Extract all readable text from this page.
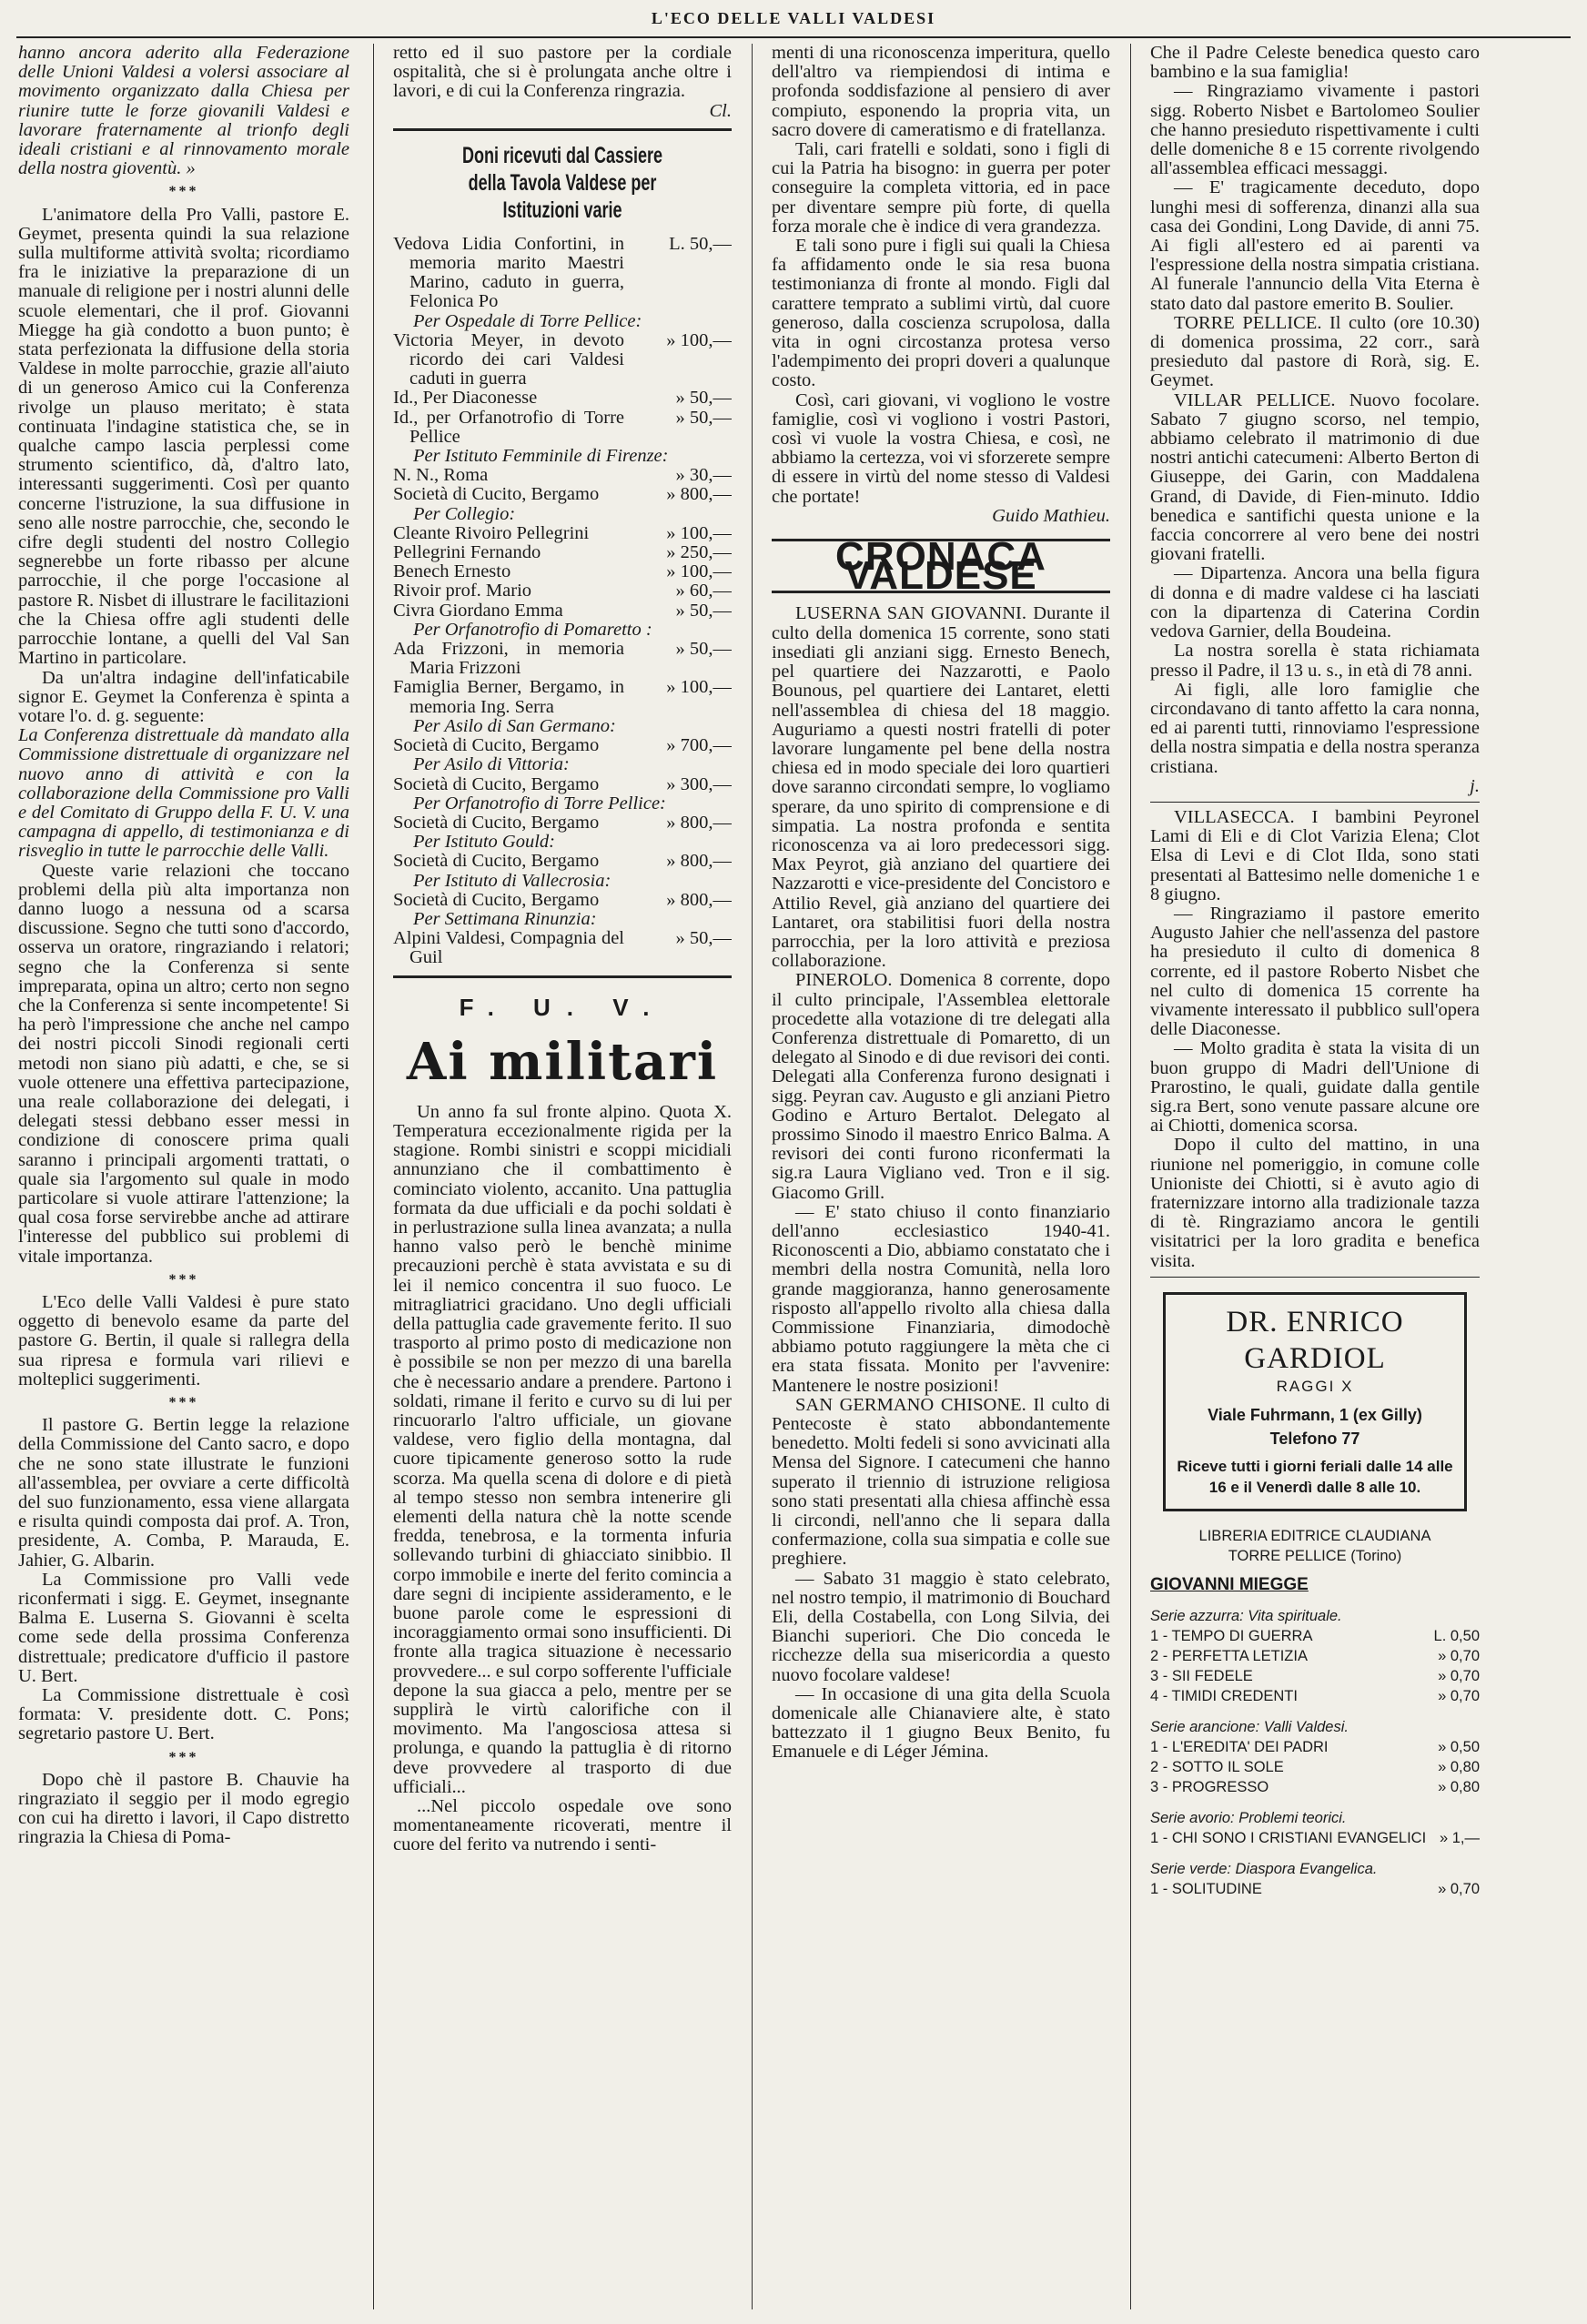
L'ECO DELLE VALLI VALDESI

hanno ancora aderito alla Federazione delle Unioni Valdesi a volersi associare al movimento organizzato dalla Chiesa per riunire tutte le forze giovanili Valdesi e lavorare fraternamente al trionfo degli ideali cristiani e al rinnovamento morale della nostra gioventù. »

***

L'animatore della Pro Valli, pastore E. Geymet, presenta quindi la sua relazione sulla multiforme attività svolta; ricordiamo fra le iniziative la preparazione di un manuale di religione per i nostri alunni delle scuole elementari, che il prof. Giovanni Miegge ha già condotto a buon punto; è stata perfezionata la diffusione della storia Valdese in molte parrocchie, grazie all'aiuto di un generoso Amico cui la Conferenza rivolge un plauso meritato; è stata continuata l'indagine statistica che, se in qualche campo lascia perplessi come strumento scientifico, dà, d'altro lato, interessanti suggerimenti. Così per quanto concerne l'istruzione, la sua diffusione in seno alle nostre parrocchie, che, secondo le cifre degli studenti del nostro Collegio segnerebbe un forte ribasso per alcune parrocchie, il che porge l'occasione al pastore R. Nisbet di illustrare le facilitazioni che la Chiesa offre agli studenti delle parrocchie lontane, a quelli del Val San Martino in particolare.

Da un'altra indagine dell'infaticabile signor E. Geymet la Conferenza è spinta a votare l'o. d. g. seguente:

La Conferenza distrettuale dà mandato alla Commissione distrettuale di organizzare nel nuovo anno di attività e con la collaborazione della Commissione pro Valli e del Comitato di Gruppo della F. U. V. una campagna di appello, di testimonianza e di risveglio in tutte le parrocchie delle Valli.

Queste varie relazioni che toccano problemi della più alta importanza non danno luogo a nessuna od a scarsa discussione. Segno che tutti sono d'accordo, osserva un oratore, ringraziando i relatori; segno che la Conferenza si sente impreparata, opina un altro; certo non segno che la Conferenza si sente incompetente! Si ha però l'impressione che anche nel campo dei nostri piccoli Sinodi regionali certi metodi non siano più adatti, e che, se si vuole ottenere una effettiva partecipazione, una reale collaborazione dei delegati, i delegati stessi debbano esser messi in condizione di conoscere prima quali saranno i principali argomenti trattati, o quale sia l'argomento sul quale in modo particolare si vuole attirare l'attenzione; la qual cosa forse servirebbe anche ad attirare l'interesse del pubblico sui problemi di vitale importanza.

***

L'Eco delle Valli Valdesi è pure stato oggetto di benevolo esame da parte del pastore G. Bertin, il quale si rallegra della sua ripresa e formula vari rilievi e molteplici suggerimenti.

***

Il pastore G. Bertin legge la relazione della Commissione del Canto sacro, e dopo che ne sono state illustrate le funzioni all'assemblea, per ovviare a certe difficoltà del suo funzionamento, essa viene allargata e risulta quindi composta dai prof. A. Tron, presidente, A. Comba, P. Marauda, E. Jahier, G. Albarin.

La Commissione pro Valli vede riconfermati i sigg. E. Geymet, insegnante Balma E. Luserna S. Giovanni è scelta come sede della prossima Conferenza distrettuale; predicatore d'ufficio il pastore U. Bert.

La Commissione distrettuale è così formata: V. presidente dott. C. Pons; segretario pastore U. Bert.

***

Dopo chè il pastore B. Chauvie ha ringraziato il seggio per il modo egregio con cui ha diretto i lavori, il Capo distretto ringrazia la Chiesa di Poma-

retto ed il suo pastore per la cordiale ospitalità, che si è prolungata anche oltre i lavori, e di cui la Conferenza ringrazia.

Cl.
Doni ricevuti dal Cassiere
della Tavola Valdese per Istituzioni varie
Vedova Lidia Confortini, in memoria marito Maestri Marino, caduto in guerra, Felonica Po
L. 50,—
Per Ospedale di Torre Pellice:
Victoria Meyer, in devoto ricordo dei cari Valdesi caduti in guerra
» 100,—
Id., Per Diaconesse	» 50,—
Id., per Orfanotrofio di Torre Pellice
» 50,—
Per Istituto Femminile di Firenze:
N. N., Roma	» 30,—
Società di Cucito, Bergamo	» 800,—
Per Collegio:
Cleante Rivoiro Pellegrini	» 100,—
Pellegrini Fernando	» 250,—
Benech Ernesto	» 100,—
Rivoir prof. Mario	» 60,—
Civra Giordano Emma	» 50,—
Per Orfanotrofio di Pomaretto :
Ada Frizzoni, in memoria Maria Frizzoni
» 50,—
Famiglia Berner, Bergamo, in memoria Ing. Serra
» 100,—
Per Asilo di San Germano:
Società di Cucito, Bergamo	» 700,—
Per Asilo di Vittoria:
Società di Cucito, Bergamo	» 300,—
Per Orfanotrofio di Torre Pellice:
Società di Cucito, Bergamo	» 800,—
Per Istituto Gould:
Società di Cucito, Bergamo	» 800,—
Per Istituto di Vallecrosia:
Società di Cucito, Bergamo	» 800,—
Per Settimana Rinunzia:
Alpini Valdesi, Compagnia del Guil
» 50,—
F. U. V.
Ai militari

Un anno fa sul fronte alpino. Quota X. Temperatura eccezionalmente rigida per la stagione. Rombi sinistri e scoppi micidiali annunziano che il combattimento è cominciato violento, accanito. Una pattuglia formata da due ufficiali e da pochi soldati è in perlustrazione sulla linea avanzata; a nulla hanno valso però le benchè minime precauzioni perchè è stata avvistata e su di lei il nemico concentra il suo fuoco. Le mitragliatrici gracidano. Uno degli ufficiali della pattuglia cade gravemente ferito. Il suo trasporto al primo posto di medicazione non è possibile se non per mezzo di una barella che è necessario andare a prendere. Partono i soldati, rimane il ferito e curvo su di lui per rincuorarlo l'altro ufficiale, un giovane valdese, vero figlio della montagna, dal cuore tipicamente generoso sotto la rude scorza. Ma quella scena di dolore e di pietà al tempo stesso non sembra intenerire gli elementi della natura chè la notte scende fredda, tenebrosa, e la tormenta infuria sollevando turbini di ghiacciato sinibbio. Il corpo immobile e inerte del ferito comincia a dare segni di incipiente assideramento, e le buone parole come le espressioni di incoraggiamento ormai sono insufficienti. Di fronte alla tragica situazione è necessario provvedere... e sul corpo sofferente l'ufficiale depone la sua giacca a pelo, mentre per se supplirà le virtù calorifiche con il movimento. Ma l'angosciosa attesa si prolunga, e quando la pattuglia è di ritorno deve provvedere al trasporto di due ufficiali...

...Nel piccolo ospedale ove sono momentaneamente ricoverati, mentre il cuore del ferito va nutrendo i senti-

menti di una riconoscenza imperitura, quello dell'altro va riempiendosi di intima e profonda soddisfazione al pensiero di aver compiuto, esponendo la propria vita, un sacro dovere di cameratismo e di fratellanza.

Tali, cari fratelli e soldati, sono i figli di cui la Patria ha bisogno: in guerra per poter conseguire la completa vittoria, ed in pace per diventare sempre più forte, di quella forza morale che è indice di vera grandezza.

E tali sono pure i figli sui quali la Chiesa fa affidamento onde le sia resa buona testimonianza di fronte al mondo. Figli dal carattere temprato a sublimi virtù, dal cuore generoso, dalla coscienza scrupolosa, dalla vita in ogni circostanza protesa verso l'adempimento dei propri doveri a qualunque costo.

Così, cari giovani, vi vogliono le vostre famiglie, così vi vogliono i vostri Pastori, così vi vuole la vostra Chiesa, e così, ne abbiamo la certezza, voi vi sforzerete sempre di essere in virtù del nome stesso di Valdesi che portate!

Guido Mathieu.
CRONACA VALDESE

LUSERNA SAN GIOVANNI. Durante il culto della domenica 15 corrente, sono stati insediati gli anziani sigg. Ernesto Benech, pel quartiere dei Nazzarotti, e Paolo Bounous, pel quartiere dei Lantaret, eletti nell'assemblea di chiesa del 18 maggio. Auguriamo a questi nostri fratelli di poter lavorare lungamente pel bene della nostra chiesa ed in modo speciale dei loro quartieri dove saranno circondati sempre, lo vogliamo sperare, da uno spirito di comprensione e di simpatia. La nostra profonda e sentita riconoscenza va ai loro predecessori sigg. Max Peyrot, già anziano del quartiere dei Nazzarotti e vice-presidente del Concistoro e Attilio Revel, già anziano del quartiere dei Lantaret, ora stabilitisi fuori della nostra parrocchia, per la loro attività e preziosa collaborazione.

PINEROLO. Domenica 8 corrente, dopo il culto principale, l'Assemblea elettorale procedette alla votazione di tre delegati alla Conferenza distrettuale di Pomaretto, di un delegato al Sinodo e di due revisori dei conti. Delegati alla Conferenza furono designati i sigg. Peyran cav. Augusto e gli anziani Pietro Godino e Arturo Bertalot. Delegato al prossimo Sinodo il maestro Enrico Balma. A revisori dei conti furono riconfermati la sig.ra Laura Vigliano ved. Tron e il sig. Giacomo Grill.

— E' stato chiuso il conto finanziario dell'anno ecclesiastico 1940-41. Riconoscenti a Dio, abbiamo constatato che i membri della nostra Comunità, nella loro grande maggioranza, hanno generosamente risposto all'appello rivolto alla chiesa dalla Commissione Finanziaria, dimodochè abbiamo potuto raggiungere la mèta che ci era stata fissata. Monito per l'avvenire: Mantenere le nostre posizioni!

SAN GERMANO CHISONE. Il culto di Pentecoste è stato abbondantemente benedetto. Molti fedeli si sono avvicinati alla Mensa del Signore. I catecumeni che hanno superato il triennio di istruzione religiosa sono stati presentati alla chiesa affinchè essa li circondi, nell'anno che li separa dalla confermazione, colla sua simpatia e colle sue preghiere.

— Sabato 31 maggio è stato celebrato, nel nostro tempio, il matrimonio di Bouchard Eli, della Costabella, con Long Silvia, dei Bianchi superiori. Che Dio conceda le ricchezze della sua misericordia a questo nuovo focolare valdese!

— In occasione di una gita della Scuola domenicale alle Chianaviere alte, è stato battezzato il 1 giugno Beux Benito, fu Emanuele e di Léger Jémina.

Che il Padre Celeste benedica questo caro bambino e la sua famiglia!

— Ringraziamo vivamente i pastori sigg. Roberto Nisbet e Bartolomeo Soulier che hanno presieduto rispettivamente i culti delle domeniche 8 e 15 corrente rivolgendo all'assemblea efficaci messaggi.

— E' tragicamente deceduto, dopo lunghi mesi di sofferenza, dinanzi alla sua casa dei Gondini, Long Davide, di anni 75. Ai figli all'estero ed ai parenti va l'espressione della nostra simpatia cristiana. Al funerale l'annuncio della Vita Eterna è stato dato dal pastore emerito B. Soulier.

TORRE PELLICE. Il culto (ore 10.30) di domenica prossima, 22 corr., sarà presieduto dal pastore di Rorà, sig. E. Geymet.

VILLAR PELLICE. Nuovo focolare. Sabato 7 giugno scorso, nel tempio, abbiamo celebrato il matrimonio di due nostri antichi catecumeni: Alberto Berton di Giuseppe, dei Garin, con Maddalena Grand, di Davide, di Fien-minuto. Iddio benedica e santifichi questa unione e la faccia concorrere al vero bene dei nostri giovani fratelli.

— Dipartenza. Ancora una bella figura di donna e di madre valdese ci ha lasciati con la dipartenza di Caterina Cordin vedova Garnier, della Boudeina.

La nostra sorella è stata richiamata presso il Padre, il 13 u. s., in età di 78 anni.

Ai figli, alle loro famiglie che circondavano di tanto affetto la cara nonna, ed ai parenti tutti, rinnoviamo l'espressione della nostra simpatia e della nostra speranza cristiana.

j.

VILLASECCA. I bambini Peyronel Lami di Eli e di Clot Varizia Elena; Clot Elsa di Levi e di Clot Ilda, sono stati presentati al Battesimo nelle domeniche 1 e 8 giugno.

— Ringraziamo il pastore emerito Augusto Jahier che nell'assenza del pastore ha presieduto il culto di domenica 8 corrente, ed il pastore Roberto Nisbet che nel culto di domenica 15 corrente ha vivamente interessato il pubblico sull'opera delle Diaconesse.

— Molto gradita è stata la visita di un buon gruppo di Madri dell'Unione di Prarostino, le quali, guidate dalla gentile sig.ra Bert, sono venute passare alcune ore ai Chiotti, domenica scorsa.

Dopo il culto del mattino, in una riunione nel pomeriggio, in comune colle Unioniste dei Chiotti, si è avuto agio di fraternizzare intorno alla tradizionale tazza di tè. Ringraziamo ancora le gentili visitatrici per la loro gradita e benefica visita.

DR. ENRICO GARDIOL
RAGGI X
Viale Fuhrmann, 1 (ex Gilly)
Telefono 77
Riceve tutti i giorni feriali dalle 14 alle 16 e il Venerdì dalle 8 alle 10.
LIBRERIA EDITRICE CLAUDIANA
TORRE PELLICE (Torino)
GIOVANNI MIEGGE
Serie azzurra: Vita spirituale.
1 - TEMPO DI GUERRA	L. 0,50
2 - PERFETTA LETIZIA	» 0,70
3 - SII FEDELE	» 0,70
4 - TIMIDI CREDENTI	» 0,70
Serie arancione: Valli Valdesi.
1 - L'EREDITA' DEI PADRI	» 0,50
2 - SOTTO IL SOLE	» 0,80
3 - PROGRESSO	» 0,80
Serie avorio: Problemi teorici.
1 - CHI SONO I CRISTIANI EVANGELICI » 1,—
Serie verde: Diaspora Evangelica.
1 - SOLITUDINE	» 0,70
